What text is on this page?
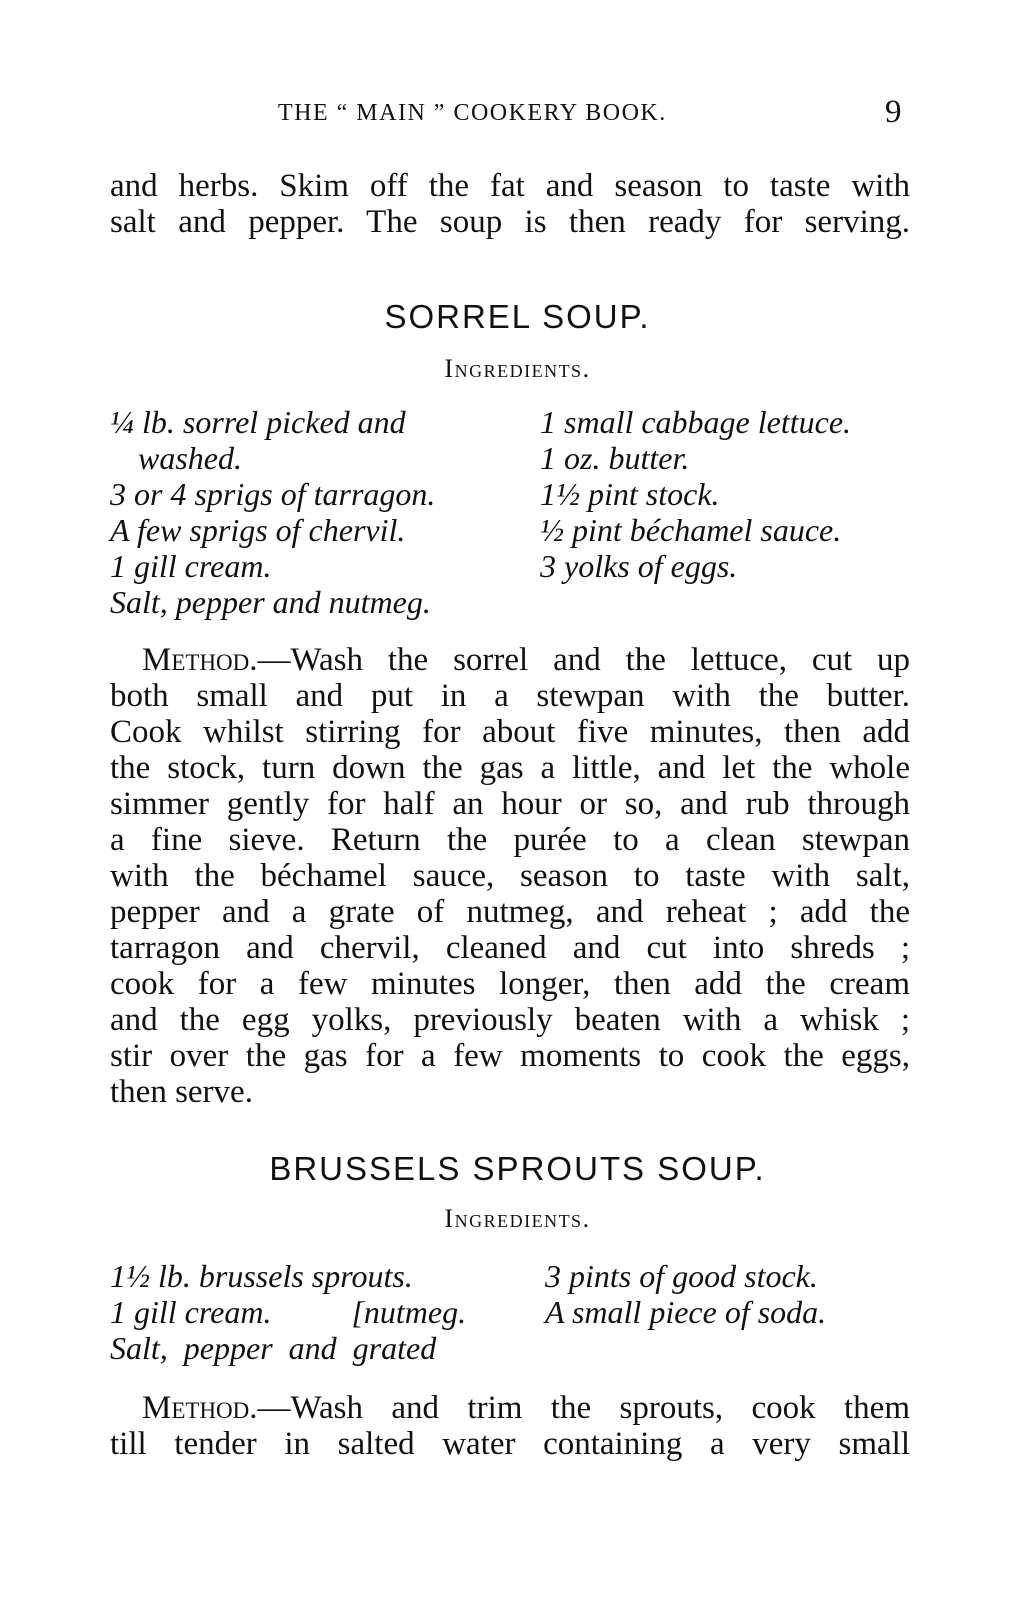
THE “ MAIN ” COOKERY BOOK.	9
and herbs. Skim off the fat and season to taste with
salt and pepper. The soup is then ready for serving.
SORREL SOUP.
Ingredients.
¼ lb. sorrel picked and washed.
3 or 4 sprigs of tarragon.
A few sprigs of chervil.
1 gill cream.
Salt, pepper and nutmeg.
1 small cabbage lettuce.
1 oz. butter.
1½ pint stock.
½ pint béchamel sauce.
3 yolks of eggs.
Method.—Wash the sorrel and the lettuce, cut up
both small and put in a stewpan with the butter.
Cook whilst stirring for about five minutes, then add
the stock, turn down the gas a little, and let the whole
simmer gently for half an hour or so, and rub through
a fine sieve. Return the purée to a clean stewpan
with the béchamel sauce, season to taste with salt,
pepper and a grate of nutmeg, and reheat ; add the
tarragon and chervil, cleaned and cut into shreds ;
cook for a few minutes longer, then add the cream
and the egg yolks, previously beaten with a whisk ;
stir over the gas for a few moments to cook the eggs,
then serve.
BRUSSELS SPROUTS SOUP.
Ingredients.
1½ lb. brussels sprouts.
1 gill cream.          [nutmeg.
Salt,  pepper  and  grated
3 pints of good stock.
A small piece of soda.
Method.—Wash and trim the sprouts, cook them
till tender in salted water containing a very small
